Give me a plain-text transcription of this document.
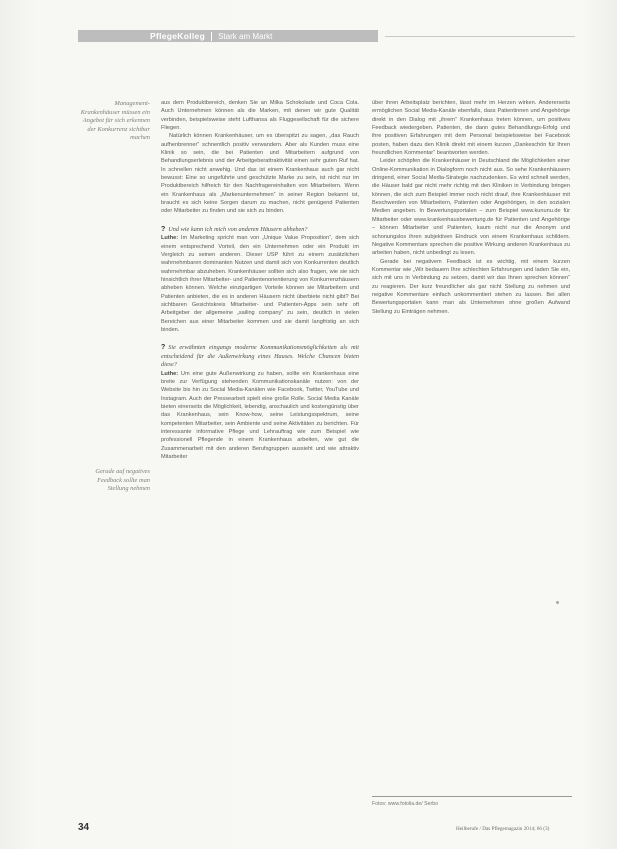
PflegeKolleg Stark am Markt
Management-Krankenhäuser müssen ein Angebot für sich erkennen der Konkurrenz sichtbar machen
Gerade auf negatives Feedback sollte man Stellung nehmen

aus dem Produktbereich, denken Sie an Milka Schokolade und Coca Cola. Auch Unternehmen können als die Marken, mit denen wir gute Qualität verbinden, beispielsweise steht Lufthansa als Fluggesellschaft für die sichere Fliegen.

Natürlich können Krankenhäuser, um es überspitzt zu sagen, „das Rauch aufhenbrenner“ schnentlich positiv verwandern. Aber als Kunden muss eine Klinik so sein, die bei Patienten und Mitarbeitern aufgrund von Behandlungserlebnis und der Arbeitgeberattraktivität einen sehr guten Ruf hat. In schnellen nicht anwehig. Und das ist einem Krankenhaus auch gar nicht bewusst: Eine so ungeführte und geschützte Marke zu sein, ist nicht nur im Produktbereich hilfreich für den Nachfragereinhalten von Mitarbeitern. Wenn ein Krankenhaus als „Markenunternehmen“ in seiner Region bekannt ist, braucht es sich keine Sorgen darum zu machen, nicht genügend Patienten oder Mitarbeiter zu finden und sie sich zu binden.

? Und wie kann ich mich von anderen Häusern abheben?

Luthe: Im Marketing spricht man von „Unique Value Proposition“, dem sich einem entsprechend Vorteil, den ein Unternehmen oder ein Produkt im Vergleich zu seinen anderen. Dieser USP führt zu einem zusätzlichen wahrnehmbaren dominanten Nutzen und damit sich von Konkurrenten deutlich wahrnehmbar abzuheben. Krankenhäuser sollten sich also fragen, wie sie sich hinsichtlich ihrer Mitarbeiter- und Patientenorientierung von Konkurrenzhäusern abheben können. Welche einzigartigen Vorteile können sie Mitarbeitern und Patienten anbieten, die es in anderen Häusern nicht überbiete nicht gibt? Bei sichtbaren Gesichtskreis Mitarbeiter- und Patienten-Apps sein sehr oft Arbeitgeber der allgemeine „sailing company“ zu sein, deutlich in vielen Bereichen aus einer Mitarbeiter kommen und sie damit langfristig an sich binden.

? Sie erwähnten eingangs moderne Kommunikationsmöglichkeiten als mit entscheidend für die Außenwirkung eines Hauses. Welche Chancen bieten diese?

Luthe: Um eine gute Außenwirkung zu haben, sollte ein Krankenhaus eine breite zur Verfügung stehenden Kommunikationskanäle nutzen: von der Website bis hin zu Social Media-Kanälen wie Facebook, Twitter, YouTube und Instagram. Auch der Pressearbeit spielt eine große Rolle. Social Media Kanäle bieten einerseits die Möglichkeit, lebendig, anschaulich und kostengünstig über das Krankenhaus, sein Know-how, seine Leistungsspektrum, seine kompetenten Mitarbeiter, sein Ambiente und seine Aktivitäten zu berichten. Für interessante informative Pflege und Lehrauftrag wie zum Beispiel wie professionell Pflegende in einem Krankenhaus arbeiten, wie gut die Zusammenarbeit mit den anderen Berufsgruppen aussieht und wie attraktiv Mitarbeiter

über ihren Arbeitsplatz berichten, lässt mehr im Herzen wirken. Andererseits ermöglichen Social Media-Kanäle ebenfalls, dass Patientinnen und Angehörige direkt in den Dialog mit „ihrem“ Krankenhaus treten können, um positives Feedback wiedergeben. Patienten, die dann gutes Behandlungs-Erfolg und ihre positiven Erfahrungen mit dem Personal beispielsweise bei Facebook posten, haben dazu den Klinik direkt mit einem kurzen „Dankeschön für Ihren freundlichen Kommentar“ beantworten werden.

Leider schöpfen die Krankenhäuser in Deutschland die Möglichkeiten einer Online-Kommunikation in Dialogform noch nicht aus. So sehe Krankenhäusern dringend, einer Social Media-Strategie nachzudenken. Es wird schnell werden, die Häuser bald gar nicht mehr richtig mit den Kliniken in Verbindung bringen können, die sich zum Beispiel immer noch nicht drauf, ihre Krankenhäuser mit Beschwerden von Mitarbeitern, Patienten oder Angehörigen, in den sozialen Medien angeben. In Bewertungsportalen – zum Beispiel www.kununu.de für Mitarbeiter oder www.krankenhausbewertung.de für Patienten und Angehörige – können Mitarbeiter und Patienten, kaum nicht nur die Anonym und schonungslos ihren subjektiven Eindruck von einem Krankenhaus schildern. Negative Kommentare sprechen die positive Wirkung anderen Krankenhaus zu arbeiten haben, nicht unbedingt zu lesen.

Gerade bei negativem Feedback ist es wichtig, mit einem kurzen Kommentar wie „Wir bedauern Ihre schlechten Erfahrungen und laden Sie ein, sich mit uns in Verbindung zu setzen, damit wir das Ihnen sprechen können“ zu reagieren. Der kurz freundlicher als gar nicht Stellung zu nehmen und negative Kommentare einfach unkommentiert stehen zu lassen. Bei allen Bewertungsportalen kann man als Unternehmen ohne großen Aufwand Stellung zu Einträgen nehmen.

Fotos: www.fotolia.de/ Serbo
34	Heilberufe / Das Pflegemagazin 2014; 66 (3)
